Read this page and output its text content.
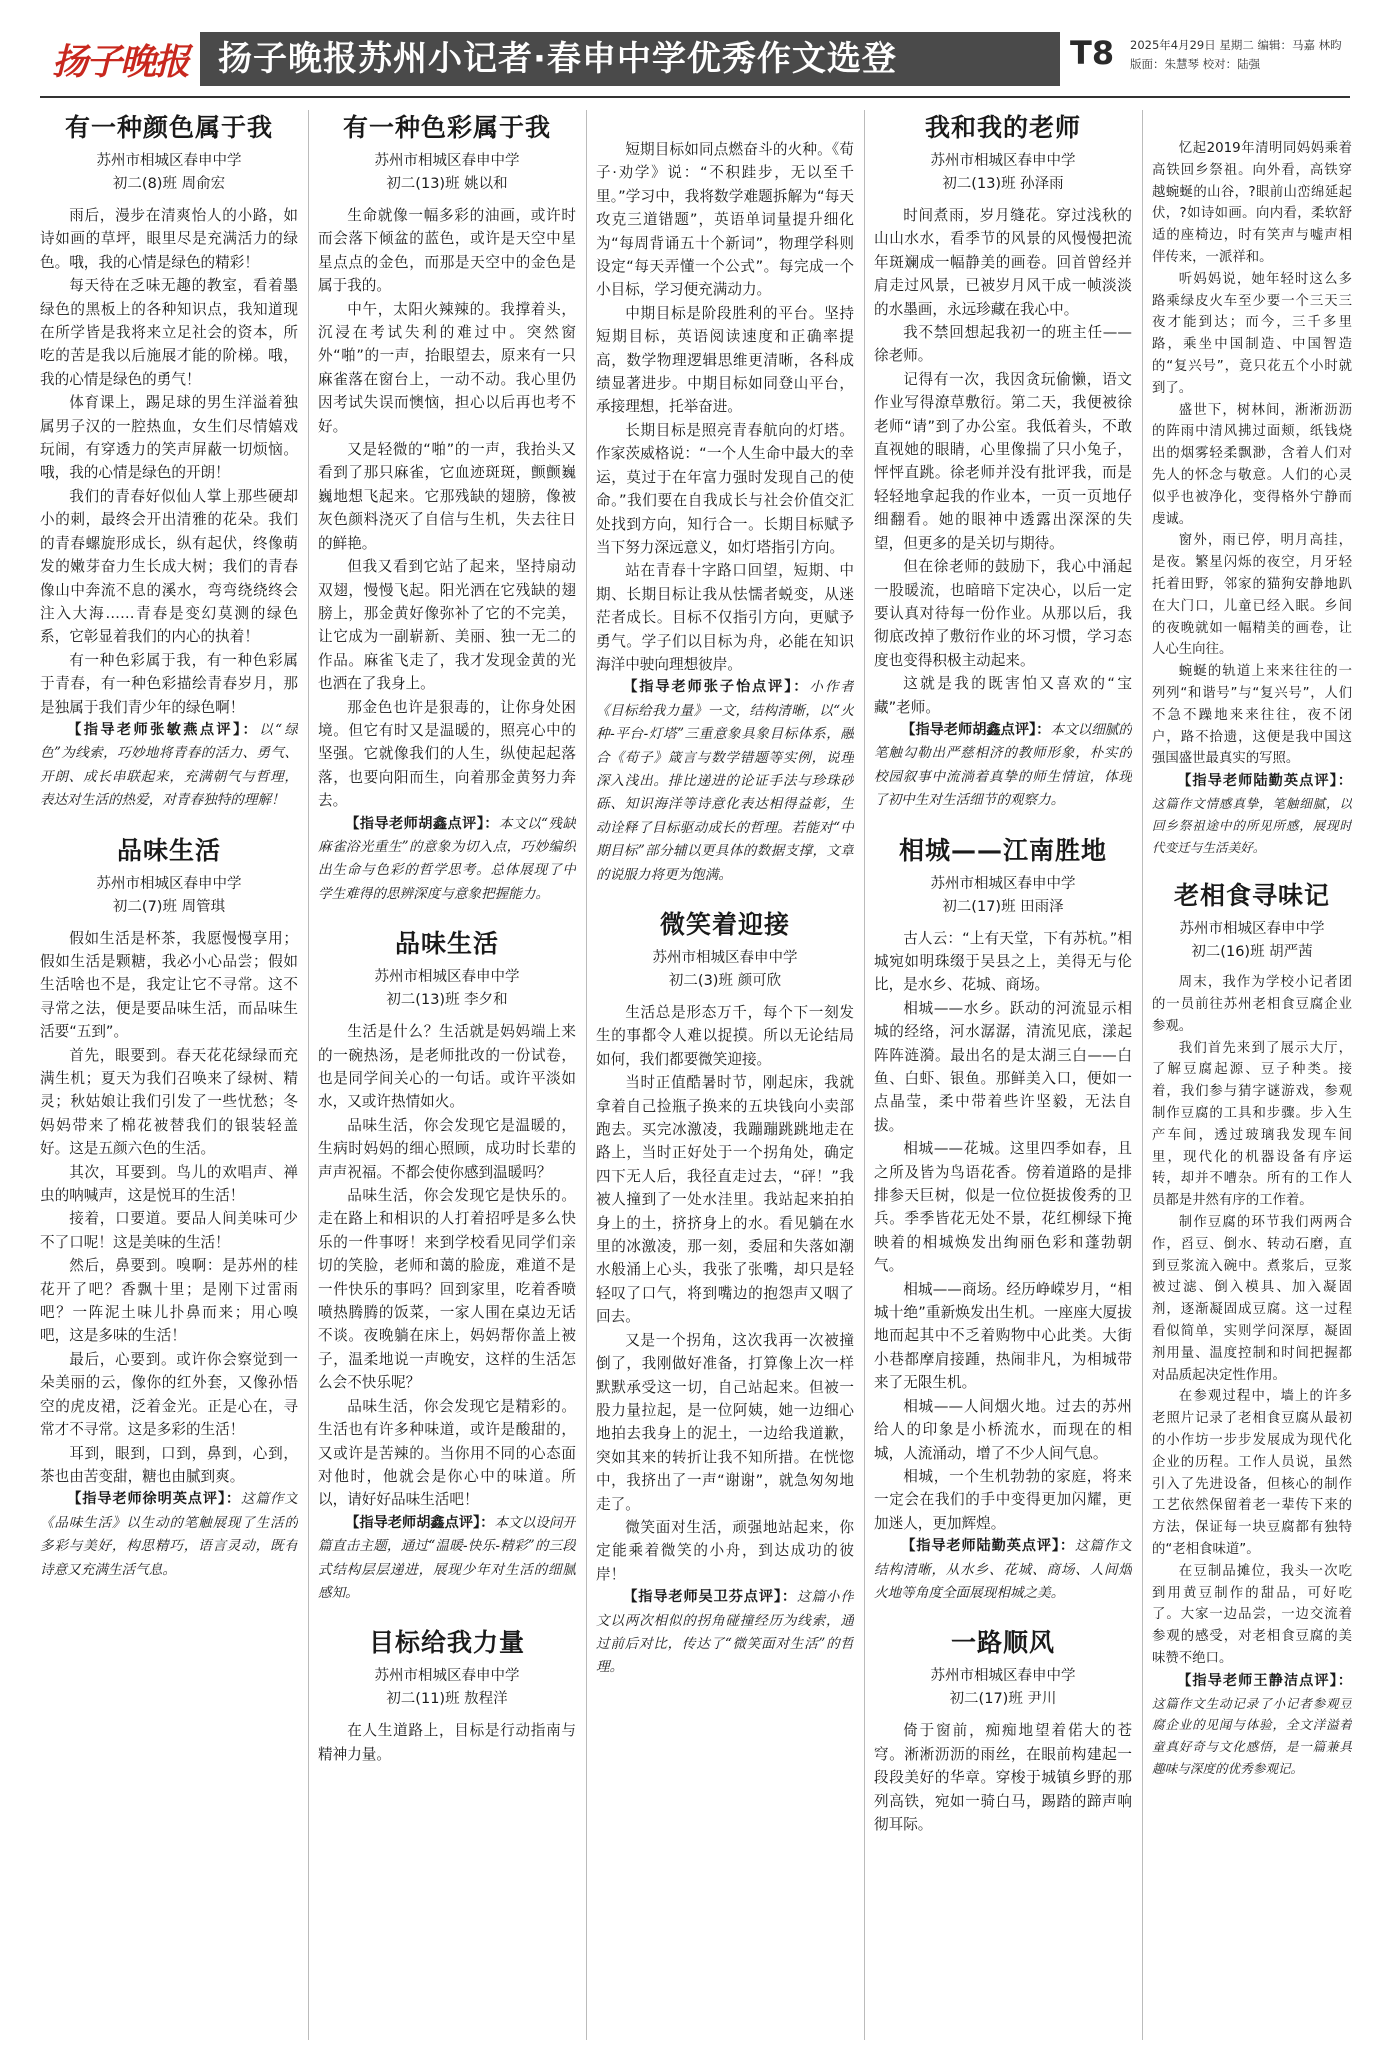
扬子晚报 扬子晚报苏州小记者·春申中学优秀作文选登	T8 2025年4月29日 星期二 编辑：马嘉 林昀
版面：朱慧琴 校对：陆强
有一种颜色属于我
苏州市相城区春申中学
初二(8)班 周俞宏

雨后，漫步在清爽怡人的小路，如诗如画的草坪，眼里尽是充满活力的绿色。哦，我的心情是绿色的精彩！

每天待在乏味无趣的教室，看着墨绿色的黑板上的各种知识点，我知道现在所学皆是我将来立足社会的资本，所吃的苦是我以后施展才能的阶梯。哦，我的心情是绿色的勇气！

体育课上，踢足球的男生洋溢着独属男子汉的一腔热血，女生们尽情嬉戏玩闹，有穿透力的笑声屏蔽一切烦恼。哦，我的心情是绿色的开朗！

我们的青春好似仙人掌上那些硬却小的刺，最终会开出清雅的花朵。我们的青春螺旋形成长，纵有起伏，终像萌发的嫩芽奋力生长成大树；我们的青春像山中奔流不息的溪水，弯弯绕绕终会注入大海……青春是变幻莫测的绿色系，它彰显着我们的内心的执着！

有一种色彩属于我，有一种色彩属于青春，有一种色彩描绘青春岁月，那是独属于我们青少年的绿色啊！

【指导老师张敏燕点评】：以“绿色”为线索，巧妙地将青春的活力、勇气、开朗、成长串联起来，充满朝气与哲理，表达对生活的热爱，对青春独特的理解！

品味生活
苏州市相城区春申中学
初二(7)班 周管琪

假如生活是杯茶，我愿慢慢享用；假如生活是颗糖，我必小心品尝；假如生活啥也不是，我定让它不寻常。这不寻常之法，便是要品味生活，而品味生活要“五到”。

首先，眼要到。春天花花绿绿而充满生机；夏天为我们召唤来了绿树、精灵；秋姑娘让我们引发了一些忧愁；冬妈妈带来了棉花被替我们的银装轻盖好。这是五颜六色的生活。

其次，耳要到。鸟儿的欢唱声、禅虫的呐喊声，这是悦耳的生活！

接着，口要道。要品人间美味可少不了口呢！这是美味的生活！

然后，鼻要到。嗅啊：是苏州的桂花开了吧？香飘十里；是刚下过雷雨吧？一阵泥土味儿扑鼻而来；用心嗅吧，这是多味的生活！

最后，心要到。或许你会察觉到一朵美丽的云，像你的红外套，又像孙悟空的虎皮裙，泛着金光。正是心在，寻常才不寻常。这是多彩的生活！

耳到，眼到，口到，鼻到，心到，茶也由苦变甜，糖也由腻到爽。

【指导老师徐明英点评】：这篇作文《品味生活》以生动的笔触展现了生活的多彩与美好，构思精巧，语言灵动，既有诗意又充满生活气息。

有一种色彩属于我
苏州市相城区春申中学
初二(13)班 姚以和

生命就像一幅多彩的油画，或许时而会落下倾盆的蓝色，或许是天空中星星点点的金色，而那是天空中的金色是属于我的。

中午，太阳火辣辣的。我撑着头，沉浸在考试失利的难过中。突然窗外“啪”的一声，抬眼望去，原来有一只麻雀落在窗台上，一动不动。我心里仍因考试失误而懊恼，担心以后再也考不好。

又是轻微的“啪”的一声，我抬头又看到了那只麻雀，它血迹斑斑，颤颤巍巍地想飞起来。它那残缺的翅膀，像被灰色颜料浇灭了自信与生机，失去往日的鲜艳。

但我又看到它站了起来，坚持扇动双翅，慢慢飞起。阳光洒在它残缺的翅膀上，那金黄好像弥补了它的不完美，让它成为一副崭新、美丽、独一无二的作品。麻雀飞走了，我才发现金黄的光也洒在了我身上。

那金色也许是狠毒的，让你身处困境。但它有时又是温暖的，照亮心中的坚强。它就像我们的人生，纵使起起落落，也要向阳而生，向着那金黄努力奔去。

【指导老师胡鑫点评】：本文以“残缺麻雀浴光重生”的意象为切入点，巧妙编织出生命与色彩的哲学思考。总体展现了中学生难得的思辨深度与意象把握能力。

品味生活
苏州市相城区春申中学
初二(13)班 李夕和

生活是什么？生活就是妈妈端上来的一碗热汤，是老师批改的一份试卷，也是同学间关心的一句话。或许平淡如水，又或许热情如火。

品味生活，你会发现它是温暖的，生病时妈妈的细心照顾，成功时长辈的声声祝福。不都会使你感到温暖吗？

品味生活，你会发现它是快乐的。走在路上和相识的人打着招呼是多么快乐的一件事呀！来到学校看见同学们亲切的笑脸，老师和蔼的脸庞，难道不是一件快乐的事吗？回到家里，吃着香喷喷热腾腾的饭菜，一家人围在桌边无话不谈。夜晚躺在床上，妈妈帮你盖上被子，温柔地说一声晚安，这样的生活怎么会不快乐呢？

品味生活，你会发现它是精彩的。生活也有许多种味道，或许是酸甜的，又或许是苦辣的。当你用不同的心态面对他时，他就会是你心中的味道。所以，请好好品味生活吧！

【指导老师胡鑫点评】：本文以设问开篇直击主题，通过“温暖-快乐-精彩”的三段式结构层层递进，展现少年对生活的细腻感知。

目标给我力量
苏州市相城区春申中学
初二(11)班 敖程洋

在人生道路上，目标是行动指南与精神力量。

短期目标如同点燃奋斗的火种。《荀子·劝学》说：“不积跬步，无以至千里。”学习中，我将数学难题拆解为“每天攻克三道错题”，英语单词量提升细化为“每周背诵五十个新词”，物理学科则设定“每天弄懂一个公式”。每完成一个小目标，学习便充满动力。

中期目标是阶段胜利的平台。坚持短期目标，英语阅读速度和正确率提高，数学物理逻辑思维更清晰，各科成绩显著进步。中期目标如同登山平台，承接理想，托举奋进。

长期目标是照亮青春航向的灯塔。作家茨威格说：“一个人生命中最大的幸运，莫过于在年富力强时发现自己的使命。”我们要在自我成长与社会价值交汇处找到方向，知行合一。长期目标赋予当下努力深远意义，如灯塔指引方向。

站在青春十字路口回望，短期、中期、长期目标让我从怯懦者蜕变，从迷茫者成长。目标不仅指引方向，更赋予勇气。学子们以目标为舟，必能在知识海洋中驶向理想彼岸。

【指导老师张子怡点评】：小作者《目标给我力量》一文，结构清晰，以“火种-平台-灯塔”三重意象具象目标体系，融合《荀子》箴言与数学错题等实例，说理深入浅出。排比递进的论证手法与珍珠砂砾、知识海洋等诗意化表达相得益彰，生动诠释了目标驱动成长的哲理。若能对“中期目标”部分辅以更具体的数据支撑，文章的说服力将更为饱满。

微笑着迎接
苏州市相城区春申中学
初二(3)班 颜可欣

生活总是形态万千，每个下一刻发生的事都令人难以捉摸。所以无论结局如何，我们都要微笑迎接。

当时正值酷暑时节，刚起床，我就拿着自己捡瓶子换来的五块钱向小卖部跑去。买完冰激凌，我蹦蹦跳跳地走在路上，当时正好处于一个拐角处，确定四下无人后，我径直走过去，“砰！”我被人撞到了一处水洼里。我站起来拍拍身上的土，挤挤身上的水。看见躺在水里的冰激凌，那一刻，委屈和失落如潮水般涌上心头，我张了张嘴，却只是轻轻叹了口气，将到嘴边的抱怨声又咽了回去。

又是一个拐角，这次我再一次被撞倒了，我刚做好准备，打算像上次一样默默承受这一切，自己站起来。但被一股力量拉起，是一位阿姨，她一边细心地拍去我身上的泥土，一边给我道歉，突如其来的转折让我不知所措。在恍惚中，我挤出了一声“谢谢”，就急匆匆地走了。

微笑面对生活，顽强地站起来，你定能乘着微笑的小舟，到达成功的彼岸！

【指导老师吴卫芬点评】：这篇小作文以两次相似的拐角碰撞经历为线索，通过前后对比，传达了“微笑面对生活”的哲理。

我和我的老师
苏州市相城区春申中学
初二(13)班 孙泽雨

时间煮雨，岁月缝花。穿过浅秋的山山水水，看季节的风景的风慢慢把流年斑斓成一幅静美的画卷。回首曾经并肩走过风景，已被岁月风干成一帧淡淡的水墨画，永远珍藏在我心中。

我不禁回想起我初一的班主任——徐老师。

记得有一次，我因贪玩偷懒，语文作业写得潦草敷衍。第二天，我便被徐老师“请”到了办公室。我低着头，不敢直视她的眼睛，心里像揣了只小兔子，怦怦直跳。徐老师并没有批评我，而是轻轻地拿起我的作业本，一页一页地仔细翻看。她的眼神中透露出深深的失望，但更多的是关切与期待。

但在徐老师的鼓励下，我心中涌起一股暖流，也暗暗下定决心，以后一定要认真对待每一份作业。从那以后，我彻底改掉了敷衍作业的坏习惯，学习态度也变得积极主动起来。

这就是我的既害怕又喜欢的“宝藏”老师。

【指导老师胡鑫点评】：本文以细腻的笔触勾勒出严慈相济的教师形象，朴实的校园叙事中流淌着真挚的师生情谊，体现了初中生对生活细节的观察力。

相城——江南胜地
苏州市相城区春申中学
初二(17)班 田雨泽

古人云：“上有天堂，下有苏杭。”相城宛如明珠缀于吴县之上，美得无与伦比，是水乡、花城、商场。

相城——水乡。跃动的河流显示相城的经络，河水潺潺，清流见底，漾起阵阵涟漪。最出名的是太湖三白——白鱼、白虾、银鱼。那鲜美入口，便如一点晶莹，柔中带着些许坚毅，无法自拔。

相城——花城。这里四季如春，且之所及皆为鸟语花香。傍着道路的是排排参天巨树，似是一位位挺拔俊秀的卫兵。季季皆花无处不景，花红柳绿下掩映着的相城焕发出绚丽色彩和蓬勃朝气。

相城——商场。经历峥嵘岁月，“相城十绝”重新焕发出生机。一座座大厦拔地而起其中不乏着购物中心此类。大街小巷都摩肩接踵，热闹非凡，为相城带来了无限生机。

相城——人间烟火地。过去的苏州给人的印象是小桥流水，而现在的相城，人流涌动，增了不少人间气息。

相城，一个生机勃勃的家庭，将来一定会在我们的手中变得更加闪耀，更加迷人，更加辉煌。

【指导老师陆勤英点评】：这篇作文结构清晰，从水乡、花城、商场、人间烟火地等角度全面展现相城之美。

一路顺风
苏州市相城区春申中学
初二(17)班 尹川

倚于窗前，痴痴地望着偌大的苍穹。淅淅沥沥的雨丝，在眼前构建起一段段美好的华章。穿梭于城镇乡野的那列高铁，宛如一骑白马，踢踏的蹄声响彻耳际。

忆起2019年清明同妈妈乘着高铁回乡祭祖。向外看，高铁穿越蜿蜒的山谷，?眼前山峦绵延起伏，?如诗如画。向内看，柔软舒适的座椅边，时有笑声与嘘声相伴传来，一派祥和。

听妈妈说，她年轻时这么多路乘绿皮火车至少要一个三天三夜才能到达；而今，三千多里路，乘坐中国制造、中国智造的“复兴号”，竟只花五个小时就到了。

盛世下，树林间，淅淅沥沥的阵雨中清风拂过面颊，纸钱烧出的烟雾轻柔飘渺，含着人们对先人的怀念与敬意。人们的心灵似乎也被净化，变得格外宁静而虔诚。

窗外，雨已停，明月高挂，是夜。繁星闪烁的夜空，月牙轻托着田野，邻家的猫狗安静地趴在大门口，儿童已经入眠。乡间的夜晚就如一幅精美的画卷，让人心生向往。

蜿蜒的轨道上来来往往的一列列“和谐号”与“复兴号”，人们不急不躁地来来往往，夜不闭户，路不拾遗，这便是我中国这强国盛世最真实的写照。

【指导老师陆勤英点评】：这篇作文情感真挚，笔触细腻，以回乡祭祖途中的所见所感，展现时代变迁与生活美好。

老相食寻味记
苏州市相城区春申中学
初二(16)班 胡严茜

周末，我作为学校小记者团的一员前往苏州老相食豆腐企业参观。

我们首先来到了展示大厅，了解豆腐起源、豆子种类。接着，我们参与猜字谜游戏，参观制作豆腐的工具和步骤。步入生产车间，透过玻璃我发现车间里，现代化的机器设备有序运转，却并不嘈杂。所有的工作人员都是井然有序的工作着。

制作豆腐的环节我们两两合作，舀豆、倒水、转动石磨，直到豆浆流入碗中。煮浆后，豆浆被过滤、倒入模具、加入凝固剂，逐渐凝固成豆腐。这一过程看似简单，实则学问深厚，凝固剂用量、温度控制和时间把握都对品质起决定性作用。

在参观过程中，墙上的许多老照片记录了老相食豆腐从最初的小作坊一步步发展成为现代化企业的历程。工作人员说，虽然引入了先进设备，但核心的制作工艺依然保留着老一辈传下来的方法，保证每一块豆腐都有独特的“老相食味道”。

在豆制品摊位，我头一次吃到用黄豆制作的甜品，可好吃了。大家一边品尝，一边交流着参观的感受，对老相食豆腐的美味赞不绝口。

【指导老师王静洁点评】：这篇作文生动记录了小记者参观豆腐企业的见闻与体验，全文洋溢着童真好奇与文化感悟，是一篇兼具趣味与深度的优秀参观记。
